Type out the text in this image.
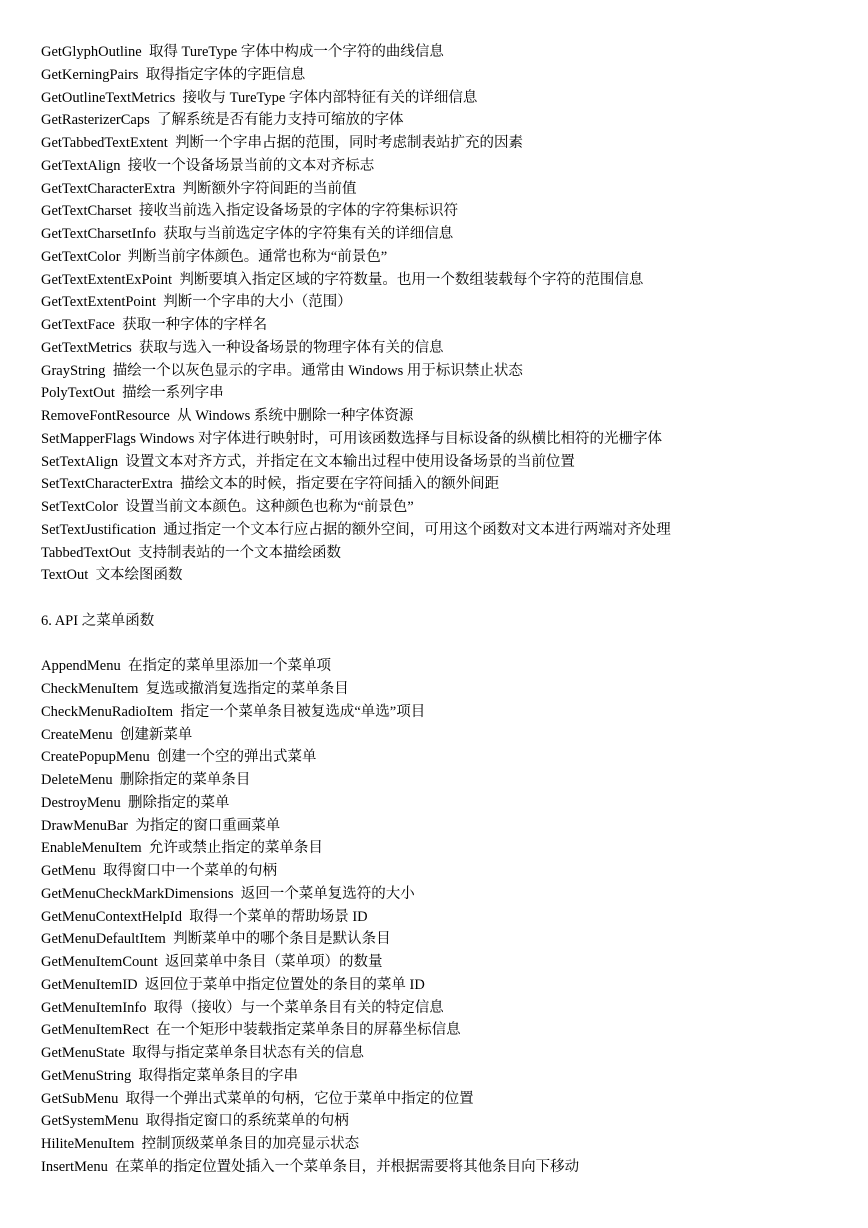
GetGlyphOutline 取得 TureType 字体中构成一个字符的曲线信息
GetKerningPairs 取得指定字体的字距信息
GetOutlineTextMetrics 接收与 TureType 字体内部特征有关的详细信息
GetRasterizerCaps 了解系统是否有能力支持可缩放的字体
GetTabbedTextExtent 判断一个字串占据的范围，同时考虑制表站扩充的因素
GetTextAlign 接收一个设备场景当前的文本对齐标志
GetTextCharacterExtra 判断额外字符间距的当前值
GetTextCharset 接收当前选入指定设备场景的字体的字符集标识符
GetTextCharsetInfo 获取与当前选定字体的字符集有关的详细信息
GetTextColor 判断当前字体颜色。通常也称为“前景色”
GetTextExtentExPoint 判断要填入指定区域的字符数量。也用一个数组装载每个字符的范围信息
GetTextExtentPoint 判断一个字串的大小（范围）
GetTextFace 获取一种字体的字样名
GetTextMetrics 获取与选入一种设备场景的物理字体有关的信息
GrayString 描绘一个以灰色显示的字串。通常由 Windows 用于标识禁止状态
PolyTextOut 描绘一系列字串
RemoveFontResource 从 Windows 系统中删除一种字体资源
SetMapperFlags Windows 对字体进行映射时，可用该函数选择与目标设备的纵横比相符的光栅字体
SetTextAlign 设置文本对齐方式，并指定在文本输出过程中使用设备场景的当前位置
SetTextCharacterExtra 描绘文本的时候，指定要在字符间插入的额外间距
SetTextColor 设置当前文本颜色。这种颜色也称为“前景色”
SetTextJustification 通过指定一个文本行应占据的额外空间，可用这个函数对文本进行两端对齐处理
TabbedTextOut 支持制表站的一个文本描绘函数
TextOut 文本绘图函数
6. API 之菜单函数
AppendMenu 在指定的菜单里添加一个菜单项
CheckMenuItem 复选或撤消复选指定的菜单条目
CheckMenuRadioItem 指定一个菜单条目被复选成“单选”项目
CreateMenu 创建新菜单
CreatePopupMenu 创建一个空的弹出式菜单
DeleteMenu 删除指定的菜单条目
DestroyMenu 删除指定的菜单
DrawMenuBar 为指定的窗口重画菜单
EnableMenuItem 允许或禁止指定的菜单条目
GetMenu 取得窗口中一个菜单的句柄
GetMenuCheckMarkDimensions 返回一个菜单复选符的大小
GetMenuContextHelpId 取得一个菜单的帮助场景 ID
GetMenuDefaultItem 判断菜单中的哪个条目是默认条目
GetMenuItemCount 返回菜单中条目（菜单项）的数量
GetMenuItemID 返回位于菜单中指定位置处的条目的菜单 ID
GetMenuItemInfo 取得（接收）与一个菜单条目有关的特定信息
GetMenuItemRect 在一个矩形中装载指定菜单条目的屏幕坐标信息
GetMenuState 取得与指定菜单条目状态有关的信息
GetMenuString 取得指定菜单条目的字串
GetSubMenu 取得一个弹出式菜单的句柄，它位于菜单中指定的位置
GetSystemMenu 取得指定窗口的系统菜单的句柄
HiliteMenuItem 控制顶级菜单条目的加亮显示状态
InsertMenu 在菜单的指定位置处插入一个菜单条目，并根据需要将其他条目向下移动
